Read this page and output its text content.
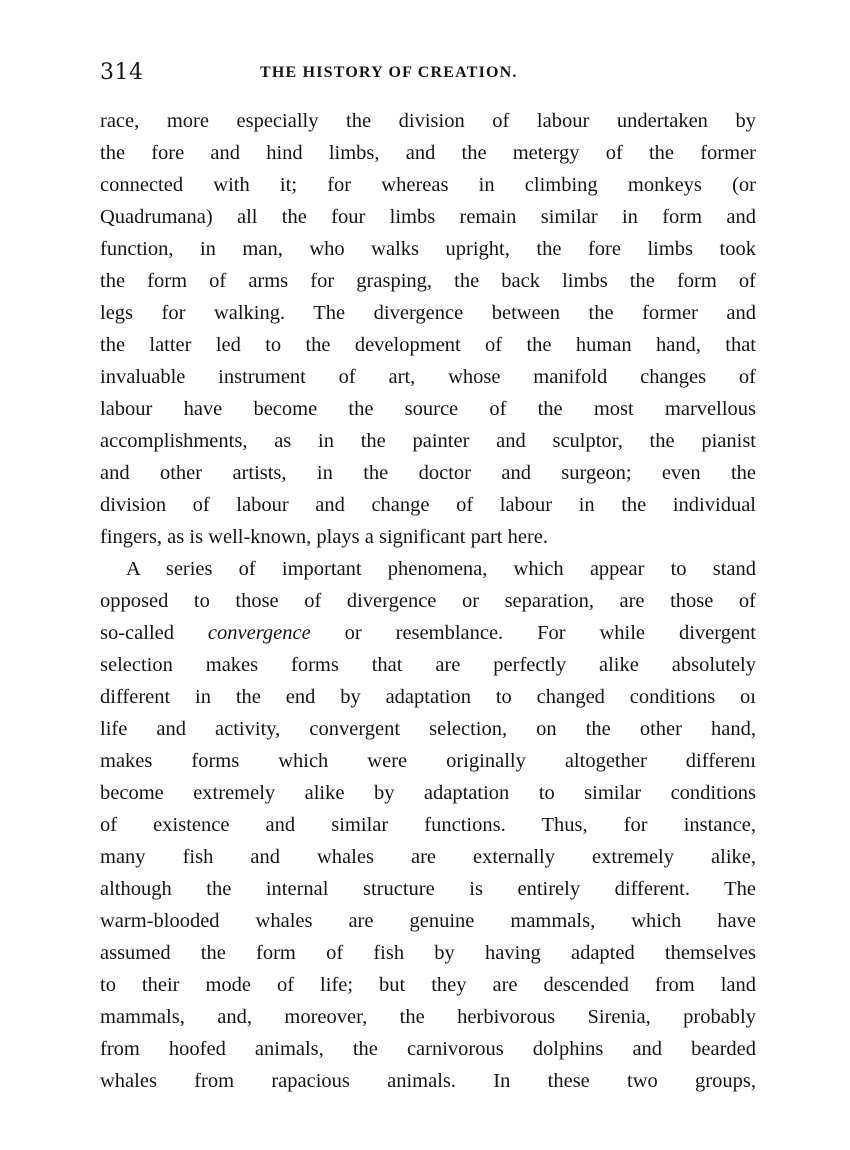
314	THE HISTORY OF CREATION.
race, more especially the division of labour undertaken by
the fore and hind limbs, and the metergy of the former
connected with it; for whereas in climbing monkeys (or
Quadrumana) all the four limbs remain similar in form and
function, in man, who walks upright, the fore limbs took
the form of arms for grasping, the back limbs the form of
legs for walking. The divergence between the former and
the latter led to the development of the human hand, that
invaluable instrument of art, whose manifold changes of
labour have become the source of the most marvellous
accomplishments, as in the painter and sculptor, the pianist
and other artists, in the doctor and surgeon; even the
division of labour and change of labour in the individual
fingers, as is well-known, plays a significant part here.
A series of important phenomena, which appear to stand
opposed to those of divergence or separation, are those of
so-called convergence or resemblance. For while divergent
selection makes forms that are perfectly alike absolutely
different in the end by adaptation to changed conditions oı
life and activity, convergent selection, on the other hand,
makes forms which were originally altogether differenı
become extremely alike by adaptation to similar conditions
of existence and similar functions. Thus, for instance,
many fish and whales are externally extremely alike,
although the internal structure is entirely different. The
warm-blooded whales are genuine mammals, which have
assumed the form of fish by having adapted themselves
to their mode of life; but they are descended from land
mammals, and, moreover, the herbivorous Sirenia, probably
from hoofed animals, the carnivorous dolphins and bearded
whales from rapacious animals. In these two groups,
